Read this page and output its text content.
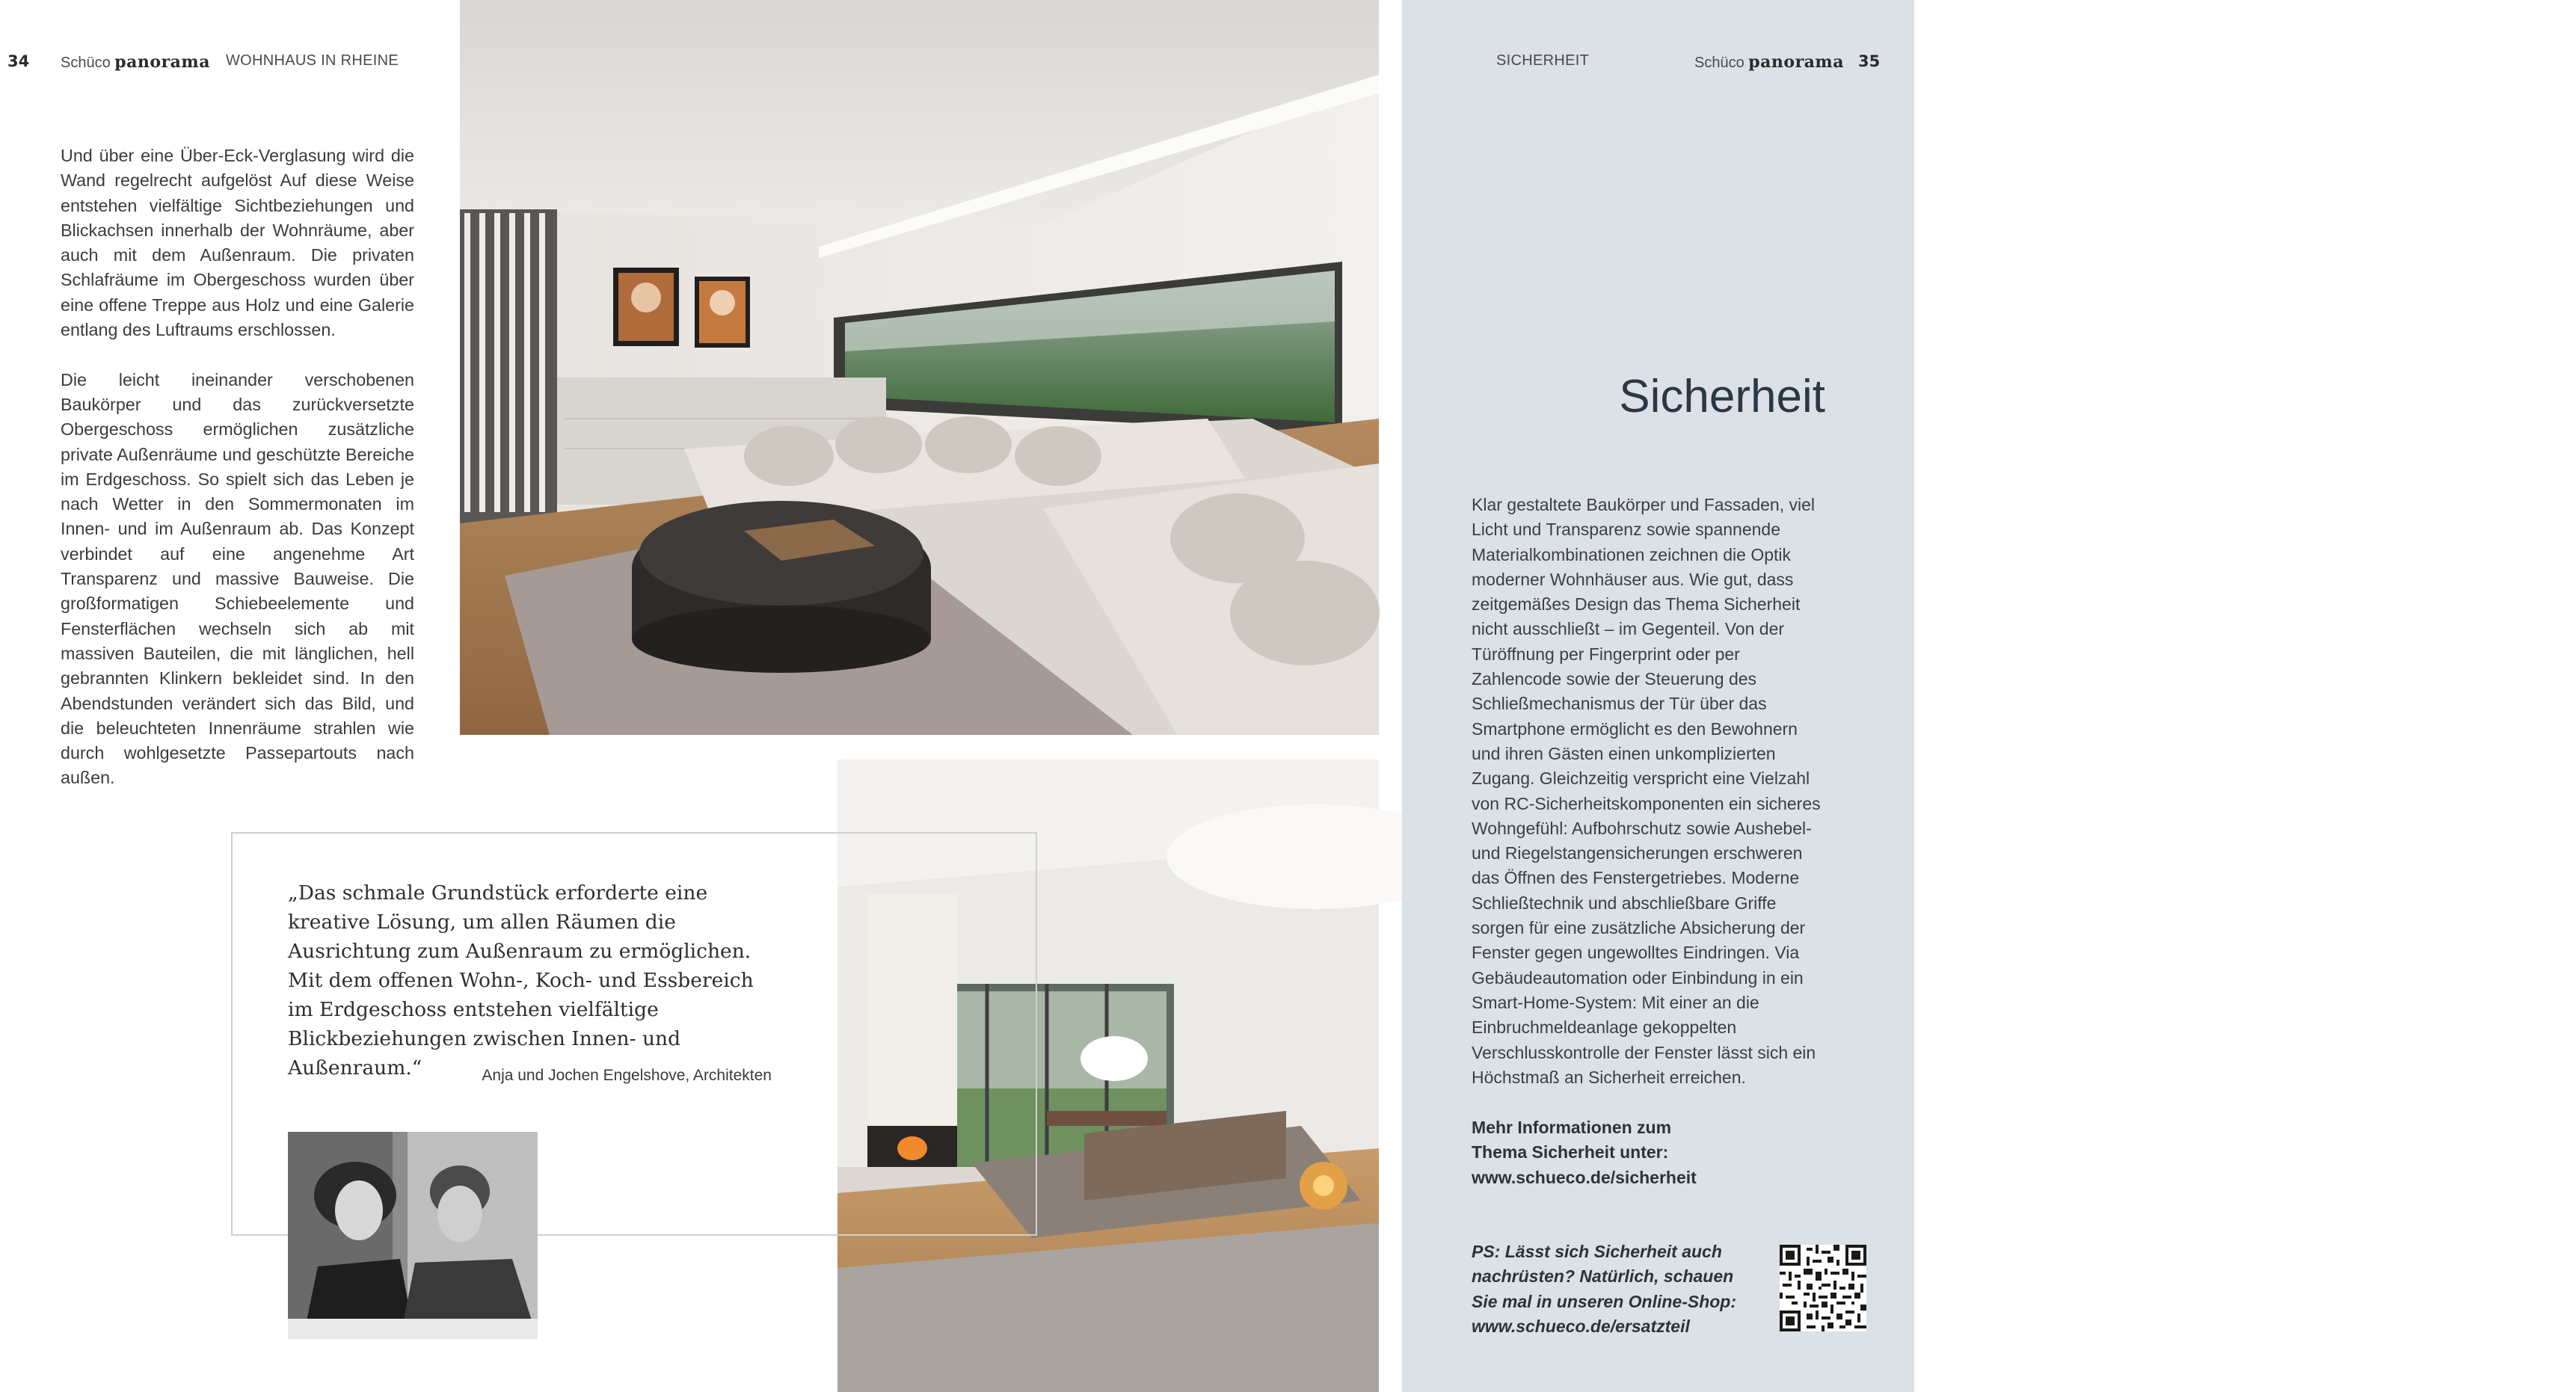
34 Schüco panorama WOHNHAUS IN RHEINE

Und über eine Über-Eck-Verglasung wird die Wand regelrecht aufgelöst Auf diese Weise entstehen vielfältige Sichtbeziehungen und Blickachsen innerhalb der Wohnräume, aber auch mit dem Außenraum. Die privaten Schlafräume im Obergeschoss wurden über eine offene Treppe aus Holz und eine Galerie entlang des Luftraums erschlossen.

Die leicht ineinander verschobenen Baukörper und das zurückversetzte Obergeschoss ermöglichen zusätzliche private Außenräume und geschützte Bereiche im Erdgeschoss. So spielt sich das Leben je nach Wetter in den Sommermonaten im Innen- und im Außenraum ab. Das Konzept verbindet auf eine angenehme Art Transparenz und massive Bauweise. Die großformatigen Schiebeelemente und Fensterflächen wechseln sich ab mit massiven Bauteilen, die mit länglichen, hell gebrannten Klinkern bekleidet sind. In den Abendstunden verändert sich das Bild, und die beleuchteten Innenräume strahlen wie durch wohlgesetzte Passepartouts nach außen.

„Das schmale Grundstück erforderte eine kreative Lösung, um allen Räumen die Ausrichtung zum Außenraum zu ermöglichen. Mit dem offenen Wohn-, Koch- und Essbereich im Erdgeschoss entstehen vielfältige Blickbeziehungen zwischen Innen- und Außenraum.“	Anja und Jochen Engelshove, Architekten
SICHERHEIT	Schüco panorama 35
Fokus
Sicherheit
Klar gestaltete Baukörper und Fassaden, viel Licht und Transparenz sowie spannende Materialkombinationen zeichnen die Optik moderner Wohnhäuser aus. Wie gut, dass zeitgemäßes Design das Thema Sicherheit nicht ausschließt – im Gegenteil. Von der Türöffnung per Fingerprint oder per Zahlencode sowie der Steuerung des Schließmechanismus der Tür über das Smartphone ermöglicht es den Bewohnern und ihren Gästen einen unkomplizierten Zugang. Gleichzeitig verspricht eine Vielzahl von RC-Sicherheitskomponenten ein sicheres Wohngefühl: Aufbohrschutz sowie Aushebel- und Riegelstangensicherungen erschweren das Öffnen des Fenstergetriebes. Moderne Schließtechnik und abschließbare Griffe sorgen für eine zusätzliche Absicherung der Fenster gegen ungewolltes Eindringen. Via Gebäudeautomation oder Einbindung in ein Smart-Home-System: Mit einer an die Einbruchmeldeanlage gekoppelten Verschlusskontrolle der Fenster lässt sich ein Höchstmaß an Sicherheit erreichen.
Mehr Informationen zum
Thema Sicherheit unter:
www.schueco.de/sicherheit
PS: Lässt sich Sicherheit auch
nachrüsten? Natürlich, schauen
Sie mal in unseren Online-Shop:
www.schueco.de/ersatzteil
